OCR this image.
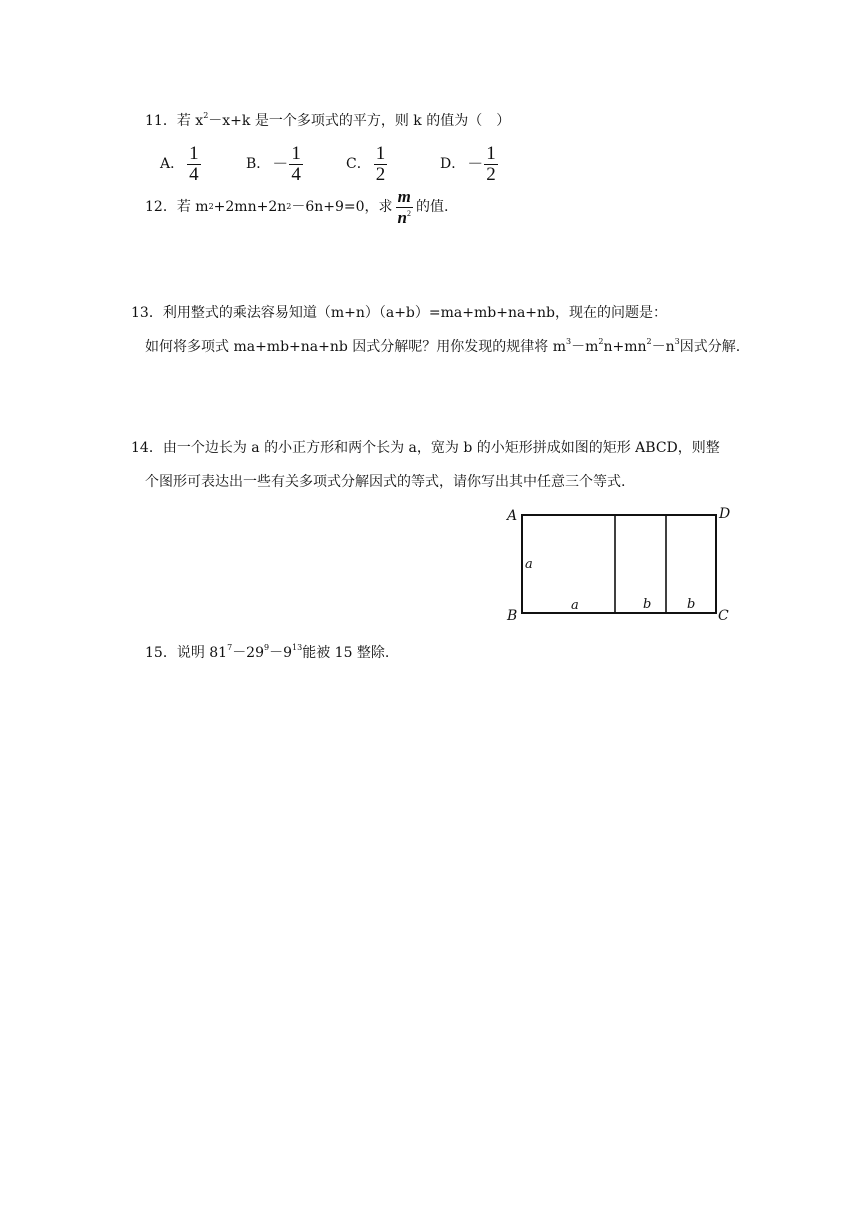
11．若 $x^2-x+k$ 是一个多项式的平方，则 k 的值为（　）
A． $\frac{1}{4}$	B． － $\frac{1}{4}$	C． $\frac{1}{2}$	D． － $\frac{1}{2}$
12． 若 m 2 +2mn+2n 2 －6n+9=0，求 $\frac{m}{n^2}$ 的值.
13．利用整式的乘法容易知道（m+n）（a+b）=ma+mb+na+nb，现在的问题是：
如何将多项式 ma+mb+na+nb 因式分解呢？用你发现的规律将 $m^3-m^2n+mn^2-n^3$因式分解.
14．由一个边长为 a 的小正方形和两个长为 a，宽为 b 的小矩形拼成如图的矩形 ABCD，则整
个图形可表达出一些有关多项式分解因式的等式，请你写出其中任意三个等式.
A	D
B	C
a
a	b	b
15．说明 $81^7-29^9-9^{13}$能被 15 整除.
